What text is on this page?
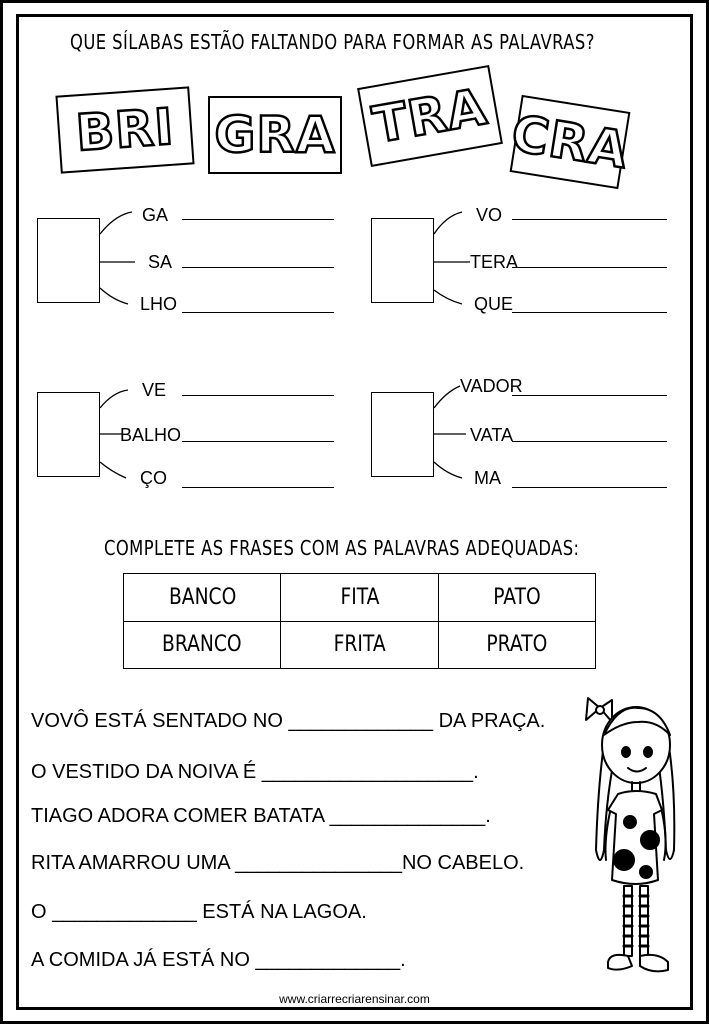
QUE SÍLABAS ESTÃO FALTANDO PARA FORMAR AS PALAVRAS?
BRI GRA TRA CRA
GA
SA
LHO
VO
TERA
QUE
VE
BALHO
ÇO
VADOR
VATA
MA
COMPLETE AS FRASES COM AS PALAVRAS ADEQUADAS:
BANCO	FITA	PATO
BRANCO	FRITA	PRATO
VOVÔ ESTÁ SENTADO NO _____________ DA PRAÇA.
O VESTIDO DA NOIVA É ___________________.
TIAGO ADORA COMER BATATA ______________.
RITA AMARROU UMA _______________NO CABELO.
O _____________ ESTÁ NA LAGOA.
A COMIDA JÁ ESTÁ NO _____________.
www.criarrecriarensinar.com
